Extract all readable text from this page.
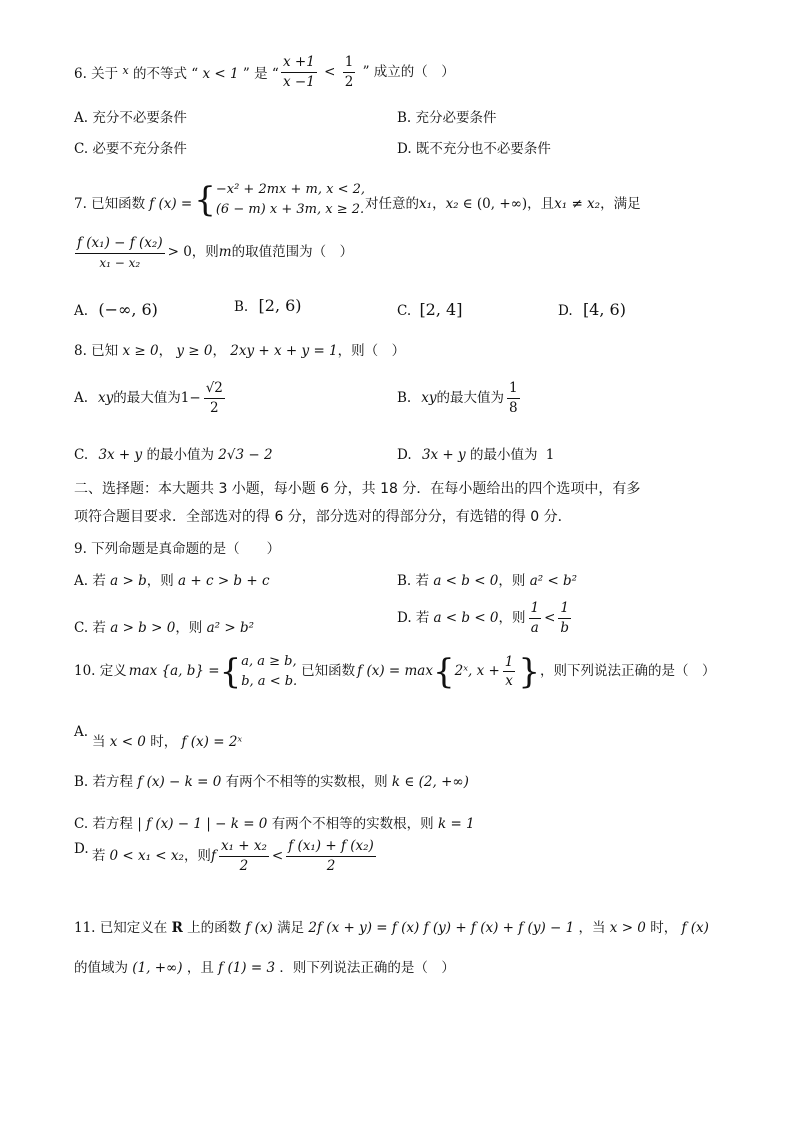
6. 关于 $^x$ 的不等式 “ x < 1 ” 是 “ $\frac{x +1}{x -1} < \frac{1}{2}$ ” 成立的（　）
A. 充分不必要条件	B. 充分必要条件
C. 必要不充分条件	D. 既不充分也不必要条件
7. 已知函数 f (x) = { −x² + 2mx + m, x < 2,
(6 − m) x + 3m, x ≥ 2. 对任意的 x₁ ， x₂ ∈ (0, +∞) ，且 x₁ ≠ x₂ ，满足
$\frac{\text{f (x₁) − f (x₂)}}{\text{x₁ − x₂}} > 0$ ，则 m 的取值范围为（　）
A. (−∞, 6)	B. [2, 6)	C. [2, 4]	D. [4, 6)
8. 已知 x ≥ 0， y ≥ 0， 2xy + x + y = 1，则（　）
A. xy 的最大值为 $1- \frac{√2}{2}$	B. xy 的最大值为 $\frac{1}{8}$
C. 3x + y 的最小值为 2√3 − 2	D. 3x + y 的最小值为 1
二、选择题：本大题共 3 小题，每小题 6 分，共 18 分．在每小题给出的四个选项中，有多
项符合题目要求．全部选对的得 6 分，部分选对的得部分分，有选错的得 0 分．
9. 下列命题是真命题的是（　　）
A. 若 a > b，则 a + c > b + c	B. 若 a < b < 0，则 a² < b²
C. 若 a > b > 0，则 a² > b²
D. 若 a < b < 0 ，则 $\frac{1}{a} < \frac{1}{b}$
10. 定义 max {a, b} = { a, a ≥ b,
b, a < b.
已知函数 f (x) = max { 2ˣ, $x + \frac{1}{x}$ } ，则下列说法正确的是（　）
A.
当 x < 0 时， f (x) = 2ˣ
B. 若方程 f (x) − k = 0 有两个不相等的实数根，则 k ∈ (2, +∞)
C. 若方程 | f (x) − 1 | − k = 0 有两个不相等的实数根，则 k = 1
D. 若 0 < x₁ < x₂ ，则 f $\frac{\text{x₁ + x₂}}{2} < \frac{\text{f (x₁) + f (x₂)}}{2}$
11. 已知定义在 R 上的函数 f (x) 满足 2f (x + y) = f (x) f (y) + f (x) + f (y) − 1 ，当 x > 0 时， f (x)
的值域为 (1, +∞) ，且 f (1) = 3 ．则下列说法正确的是（　）
